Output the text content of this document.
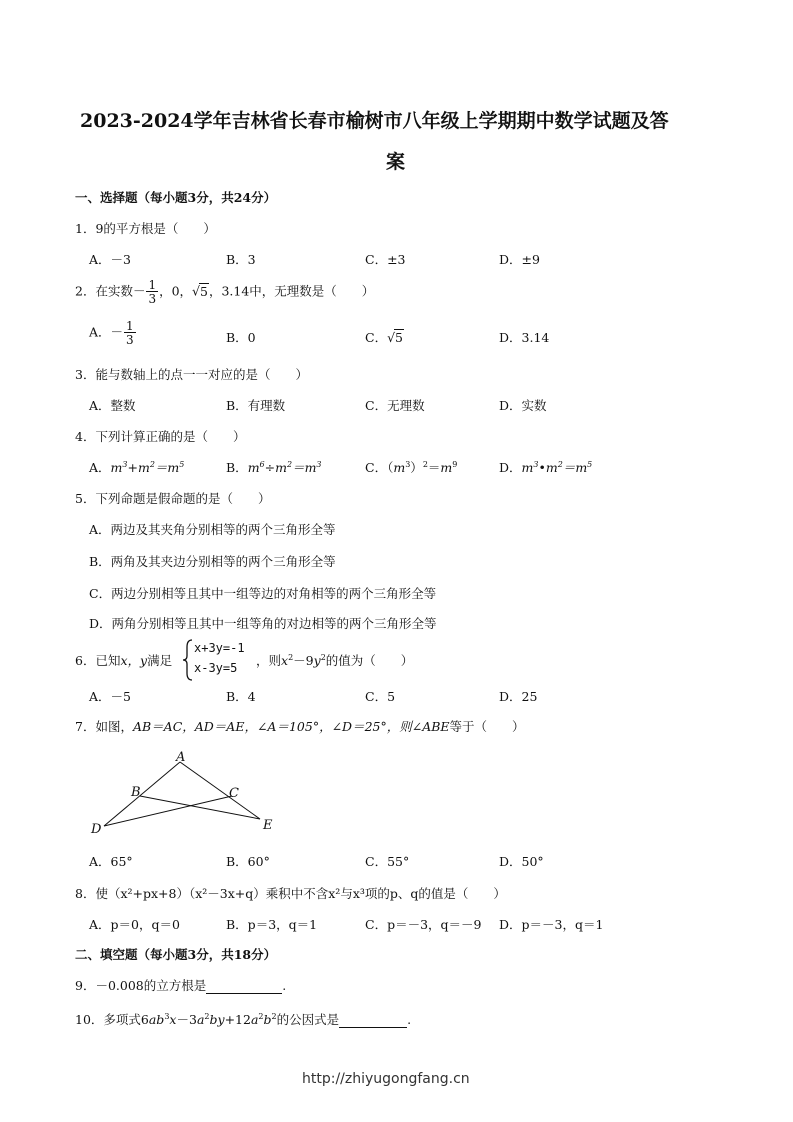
2023-2024学年吉林省长春市榆树市八年级上学期期中数学试题及答
案
一、选择题（每小题3分，共24分）
1．9的平方根是（　　）
A．－3	B．3	C．±3	D．±9
2．在实数－ $\frac{1}{3}$ ，0，√5，3.14中，无理数是（　　）
A．－ $\frac{1}{3}$	B．0	C．√5	D．3.14
3．能与数轴上的点一一对应的是（　　）
A．整数	B．有理数	C．无理数	D．实数
4．下列计算正确的是（　　）
A．$m^3+m^2=m^5$	B．$m^6\div m^2=m^3$	C．$(m^3)^2=m^9$	D．$m^3•m^2=m^5$
5．下列命题是假命题的是（　　）
A．两边及其夹角分别相等的两个三角形全等
B．两角及其夹边分别相等的两个三角形全等
C．两边分别相等且其中一组等边的对角相等的两个三角形全等
D．两角分别相等且其中一组等角的对边相等的两个三角形全等
6．已知x，y满足
x+3y=-1
x-3y=5 ，则$x^2-9y^2$的值为（　　）
A．－5	B．4	C．5	D．25
7．如图，AB＝AC，AD＝AE，∠A＝105°，∠D＝25°，则∠ABE等于（　　）
A
B	C
D	E
A．65°	B．60°	C．55°	D．50°
8．使（x²+px+8）（x²－3x+q）乘积中不含x²与x³项的p、q的值是（　　）
A．p＝0，q＝0	B．p＝3，q＝1	C．p＝－3，q＝－9 D．p＝－3，q＝1
二、填空题（每小题3分，共18分）
9．－0.008的立方根是	.
10．多项式$6ab^3x-3a^2by+12a^2b^2$的公因式是	.
http://zhiyugongfang.cn
